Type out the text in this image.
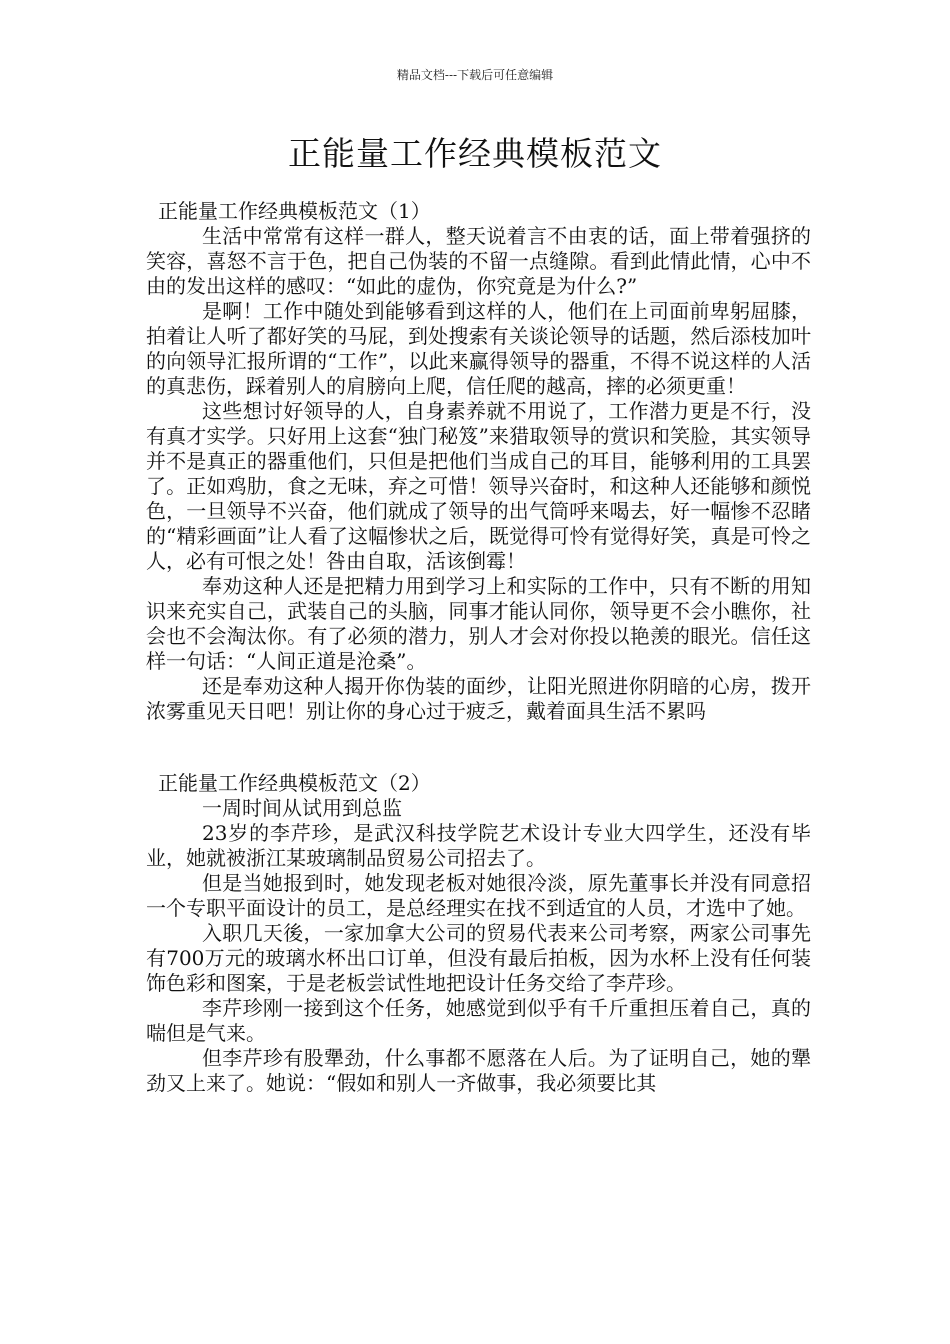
精品文档---下载后可任意编辑
正能量工作经典模板范文

正能量工作经典模板范文（1）

生活中常常有这样一群人，整天说着言不由衷的话，面上带着强挤的笑容，喜怒不言于色，把自己伪装的不留一点缝隙。看到此情此情，心中不由的发出这样的感叹：“如此的虚伪，你究竟是为什么?”

是啊！工作中随处到能够看到这样的人，他们在上司面前卑躬屈膝，拍着让人听了都好笑的马屁，到处搜索有关谈论领导的话题，然后添枝加叶的向领导汇报所谓的“工作”，以此来赢得领导的器重，不得不说这样的人活的真悲伤，踩着别人的肩膀向上爬，信任爬的越高，摔的必须更重！

这些想讨好领导的人，自身素养就不用说了，工作潜力更是不行，没有真才实学。只好用上这套“独门秘笈”来猎取领导的赏识和笑脸，其实领导并不是真正的器重他们，只但是把他们当成自己的耳目，能够利用的工具罢了。正如鸡肋，食之无味，弃之可惜！领导兴奋时，和这种人还能够和颜悦色，一旦领导不兴奋，他们就成了领导的出气筒呼来喝去，好一幅惨不忍睹的“精彩画面”让人看了这幅惨状之后，既觉得可怜有觉得好笑，真是可怜之人，必有可恨之处！咎由自取，活该倒霉！

奉劝这种人还是把精力用到学习上和实际的工作中，只有不断的用知识来充实自己，武装自己的头脑，同事才能认同你，领导更不会小瞧你，社会也不会淘汰你。有了必须的潜力，别人才会对你投以艳羡的眼光。信任这样一句话：“人间正道是沧桑”。

还是奉劝这种人揭开你伪装的面纱，让阳光照进你阴暗的心房，拨开浓雾重见天日吧！别让你的身心过于疲乏，戴着面具生活不累吗

正能量工作经典模板范文（2）

一周时间从试用到总监

23岁的李芹珍，是武汉科技学院艺术设计专业大四学生，还没有毕业，她就被浙江某玻璃制品贸易公司招去了。

但是当她报到时，她发现老板对她很冷淡，原先董事长并没有同意招一个专职平面设计的员工，是总经理实在找不到适宜的人员，才选中了她。

入职几天後，一家加拿大公司的贸易代表来公司考察，两家公司事先有700万元的玻璃水杯出口订单，但没有最后拍板，因为水杯上没有任何装饰色彩和图案，于是老板尝试性地把设计任务交给了李芹珍。

李芹珍刚一接到这个任务，她感觉到似乎有千斤重担压着自己，真的喘但是气来。

但李芹珍有股犟劲，什么事都不愿落在人后。为了证明自己，她的犟劲又上来了。她说：“假如和别人一齐做事，我必须要比其
